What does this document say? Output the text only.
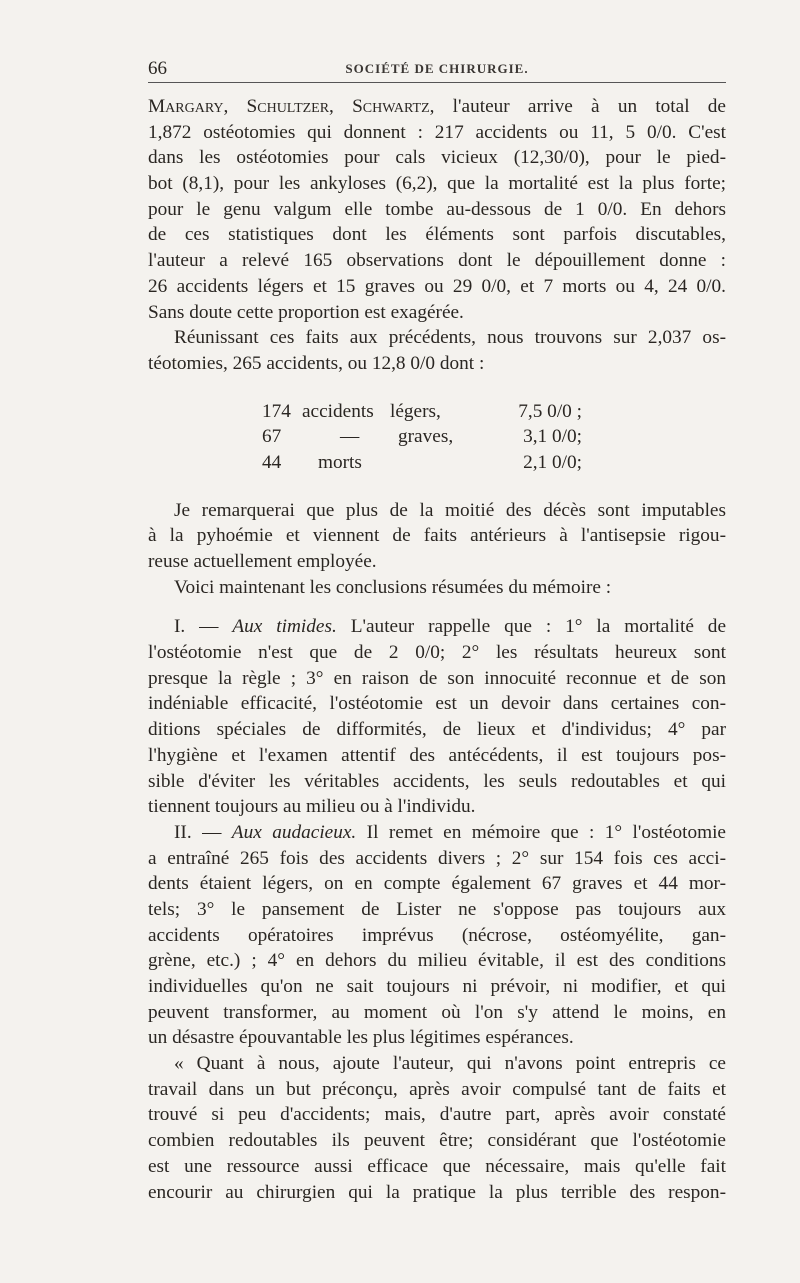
66	SOCIÉTÉ DE CHIRURGIE.
Margary, Schultzer, Schwartz, l'auteur arrive à un total de
1,872 ostéotomies qui donnent : 217 accidents ou 11, 5 0/0. C'est
dans les ostéotomies pour cals vicieux (12,30/0), pour le pied-
bot (8,1), pour les ankyloses (6,2), que la mortalité est la plus forte;
pour le genu valgum elle tombe au-dessous de 1 0/0. En dehors
de ces statistiques dont les éléments sont parfois discutables,
l'auteur a relevé 165 observations dont le dépouillement donne :
26 accidents légers et 15 graves ou 29 0/0, et 7 morts ou 4, 24 0/0.
Sans doute cette proportion est exagérée.
Réunissant ces faits aux précédents, nous trouvons sur 2,037 os-
téotomies, 265 accidents, ou 12,8 0/0 dont :
174 accidents légers,	7,5 0/0 ;
67	— graves,	3,1 0/0;
44 morts	2,1 0/0;
Je remarquerai que plus de la moitié des décès sont imputables
à la pyhoémie et viennent de faits antérieurs à l'antisepsie rigou-
reuse actuellement employée.
Voici maintenant les conclusions résumées du mémoire :
I. — Aux timides. L'auteur rappelle que : 1° la mortalité de
l'ostéotomie n'est que de 2 0/0; 2° les résultats heureux sont
presque la règle ; 3° en raison de son innocuité reconnue et de son
indéniable efficacité, l'ostéotomie est un devoir dans certaines con-
ditions spéciales de difformités, de lieux et d'individus; 4° par
l'hygiène et l'examen attentif des antécédents, il est toujours pos-
sible d'éviter les véritables accidents, les seuls redoutables et qui
tiennent toujours au milieu ou à l'individu.
II. — Aux audacieux. Il remet en mémoire que : 1° l'ostéotomie
a entraîné 265 fois des accidents divers ; 2° sur 154 fois ces acci-
dents étaient légers, on en compte également 67 graves et 44 mor-
tels; 3° le pansement de Lister ne s'oppose pas toujours aux
accidents opératoires imprévus (nécrose, ostéomyélite, gan-
grène, etc.) ; 4° en dehors du milieu évitable, il est des conditions
individuelles qu'on ne sait toujours ni prévoir, ni modifier, et qui
peuvent transformer, au moment où l'on s'y attend le moins, en
un désastre épouvantable les plus légitimes espérances.
« Quant à nous, ajoute l'auteur, qui n'avons point entrepris ce
travail dans un but préconçu, après avoir compulsé tant de faits et
trouvé si peu d'accidents; mais, d'autre part, après avoir constaté
combien redoutables ils peuvent être; considérant que l'ostéotomie
est une ressource aussi efficace que nécessaire, mais qu'elle fait
encourir au chirurgien qui la pratique la plus terrible des respon-
